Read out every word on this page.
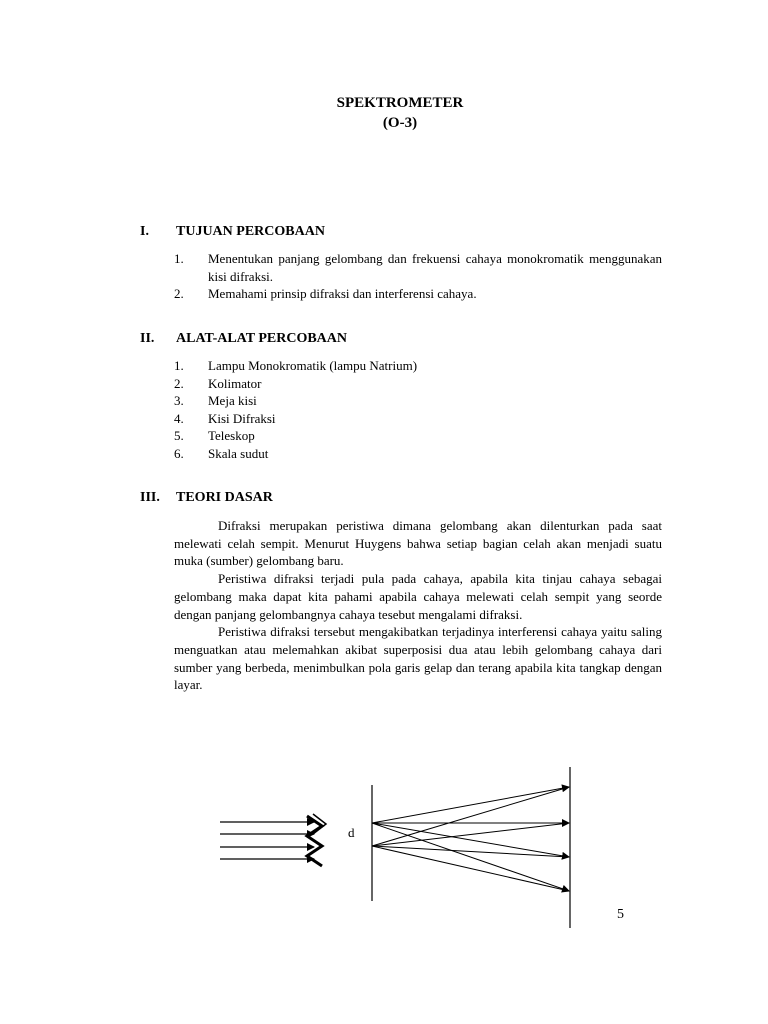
SPEKTROMETER
(O-3)
I. TUJUAN PERCOBAAN
1.	Menentukan panjang gelombang dan frekuensi cahaya monokromatik menggunakan kisi difraksi.
2.	Memahami prinsip difraksi dan interferensi cahaya.
II. ALAT-ALAT PERCOBAAN
1.	Lampu Monokromatik (lampu Natrium)
2.	Kolimator
3.	Meja kisi
4.	Kisi Difraksi
5.	Teleskop
6.	Skala sudut
III. TEORI DASAR

Difraksi merupakan peristiwa dimana gelombang akan dilenturkan pada saat melewati celah sempit. Menurut Huygens bahwa setiap bagian celah akan menjadi suatu muka (sumber) gelombang baru.

Peristiwa difraksi terjadi pula pada cahaya, apabila kita tinjau cahaya sebagai gelombang maka dapat kita pahami apabila cahaya melewati celah sempit yang seorde dengan panjang gelombangnya cahaya tesebut mengalami difraksi.

Peristiwa difraksi tersebut mengakibatkan terjadinya interferensi cahaya yaitu saling menguatkan atau melemahkan akibat superposisi dua atau lebih gelombang cahaya dari sumber yang berbeda, menimbulkan pola garis gelap dan terang apabila kita tangkap dengan layar.

d
5
